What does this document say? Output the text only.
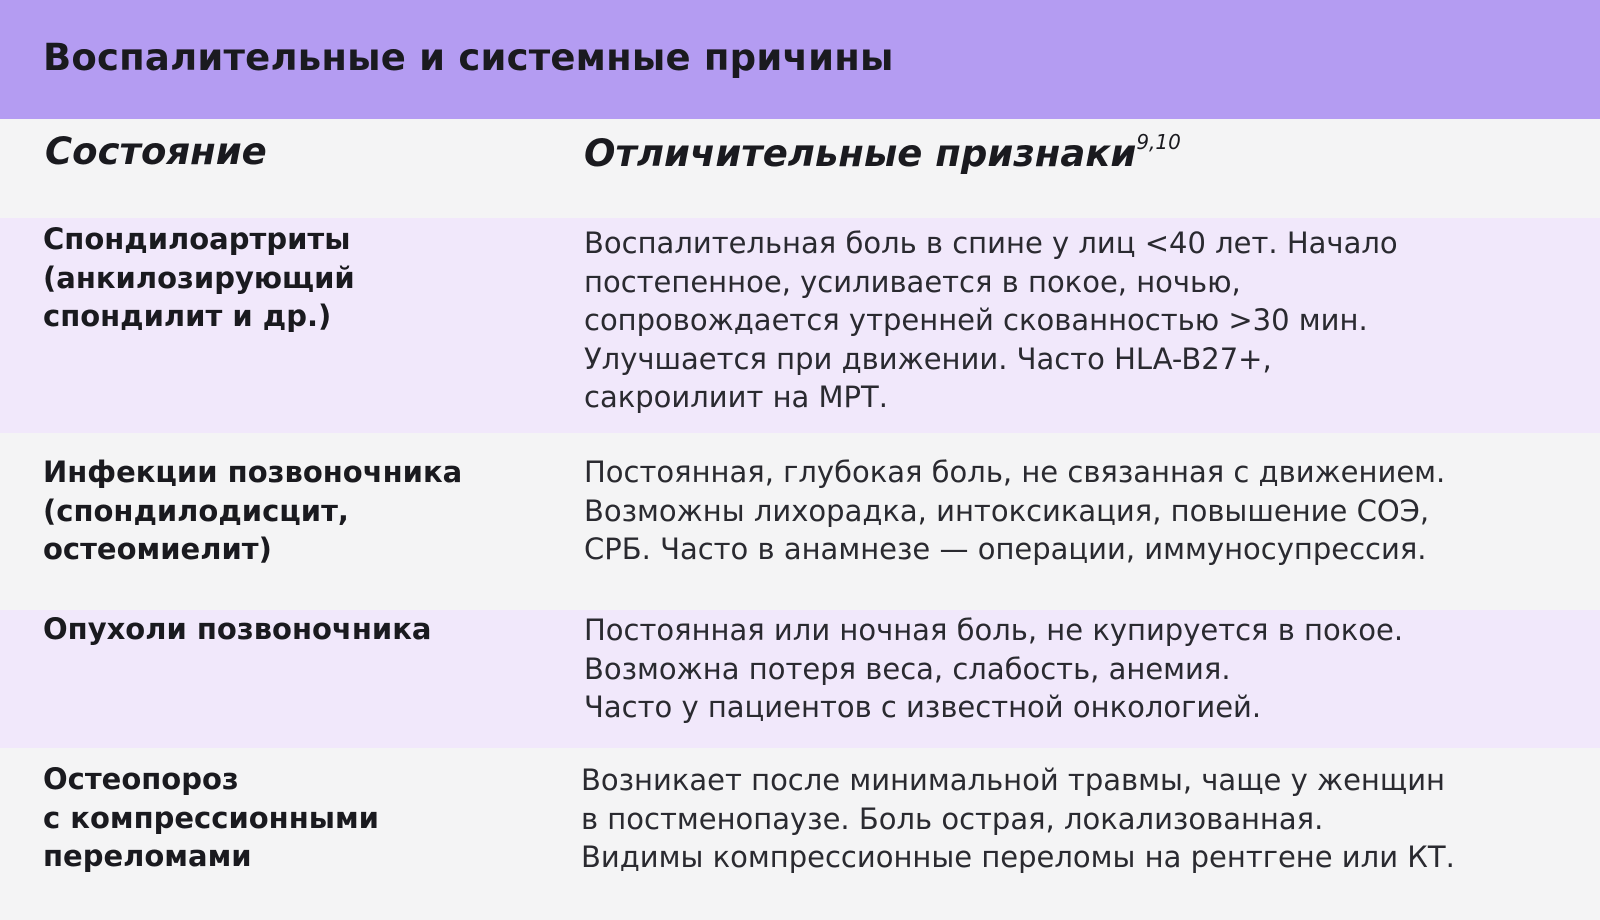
Воспалительные и системные причины
Состояние	Отличительные признаки$^{9,10}$
Спондилоартриты
(анкилозирующий
спондилит и др.)
Воспалительная боль в спине у лиц <40 лет. Начало
постепенное, усиливается в покое, ночью,
сопровождается утренней скованностью >30 мин.
Улучшается при движении. Часто HLA-B27+,
сакроилиит на МРТ.
Инфекции позвоночника
(спондилодисцит,
остеомиелит)
Постоянная, глубокая боль, не связанная с движением.
Возможны лихорадка, интоксикация, повышение СОЭ,
СРБ. Часто в анамнезе — операции, иммуносупрессия.
Опухоли позвоночника	Постоянная или ночная боль, не купируется в покое.
Возможна потеря веса, слабость, анемия.
Часто у пациентов с известной онкологией.
Остеопороз
с компрессионными
переломами
Возникает после минимальной травмы, чаще у женщин
в постменопаузе. Боль острая, локализованная.
Видимы компрессионные переломы на рентгене или КТ.
